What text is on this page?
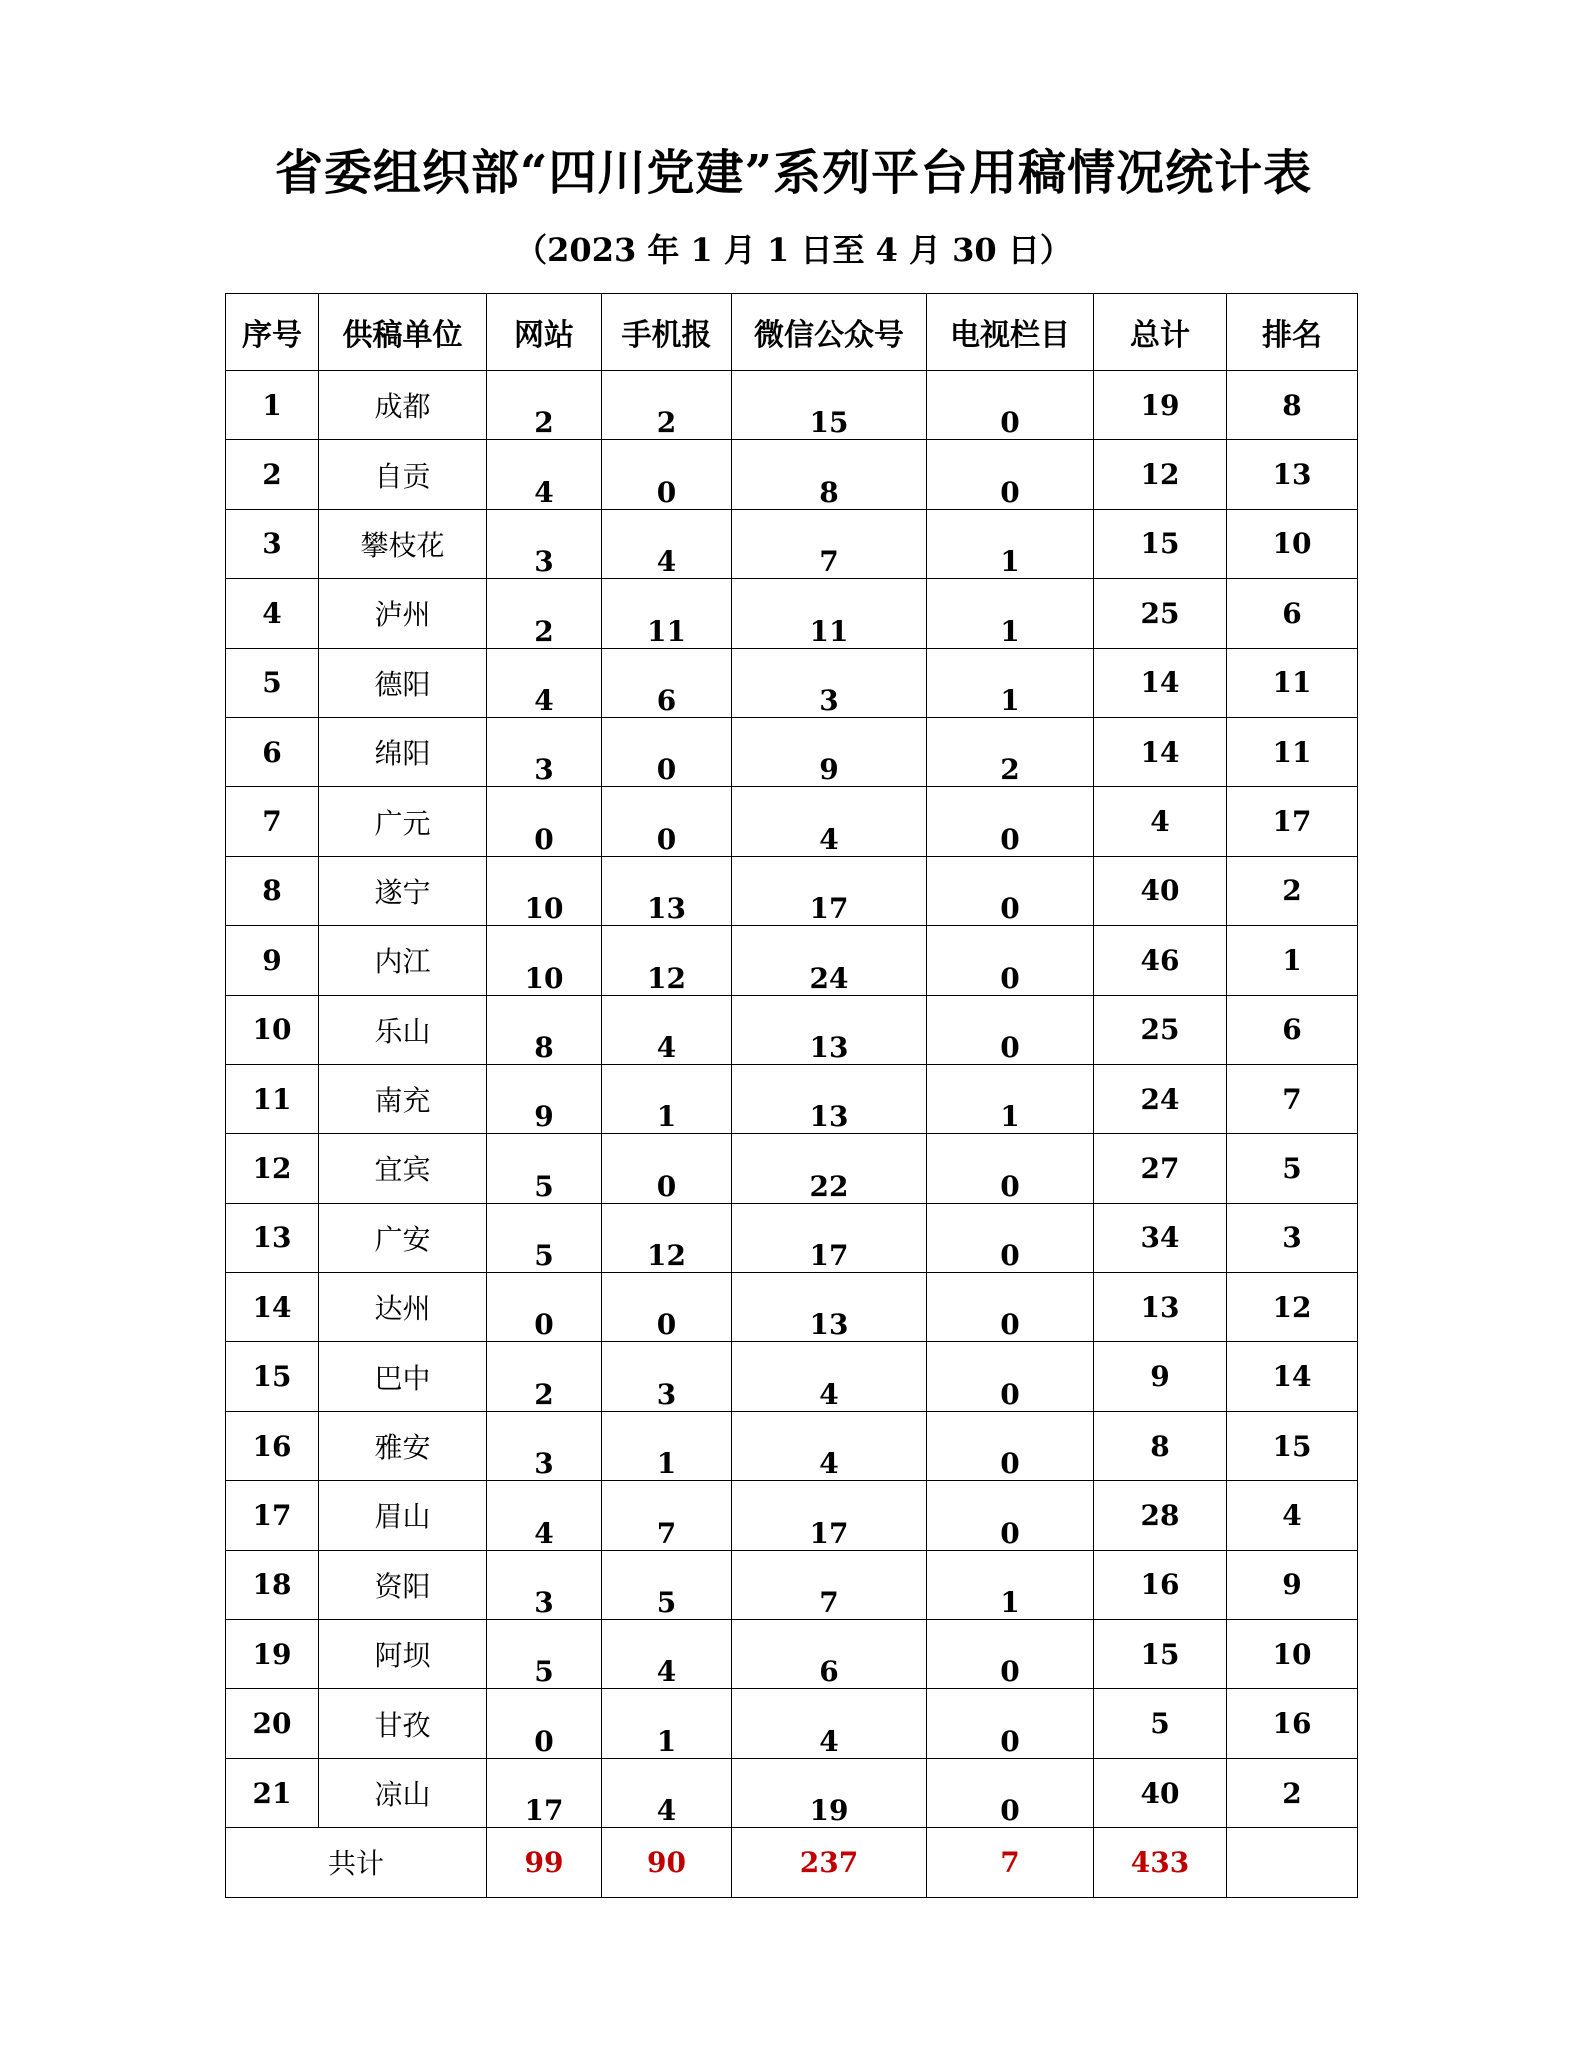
省委组织部“四川党建”系列平台用稿情况统计表
（2023 年 1 月 1 日至 4 月 30 日）
序号	供稿单位	网站	手机报	微信公众号	电视栏目	总计	排名
1	成都	2	2	15	0	19	8
2	自贡	4	0	8	0	12	13
3	攀枝花	3	4	7	1	15	10
4	泸州	2	11	11	1	25	6
5	德阳	4	6	3	1	14	11
6	绵阳	3	0	9	2	14	11
7	广元	0	0	4	0	4	17
8	遂宁	10	13	17	0	40	2
9	内江	10	12	24	0	46	1
10	乐山	8	4	13	0	25	6
11	南充	9	1	13	1	24	7
12	宜宾	5	0	22	0	27	5
13	广安	5	12	17	0	34	3
14	达州	0	0	13	0	13	12
15	巴中	2	3	4	0	9	14
16	雅安	3	1	4	0	8	15
17	眉山	4	7	17	0	28	4
18	资阳	3	5	7	1	16	9
19	阿坝	5	4	6	0	15	10
20	甘孜	0	1	4	0	5	16
21	凉山	17	4	19	0	40	2
共计		99	90	237	7	433	
